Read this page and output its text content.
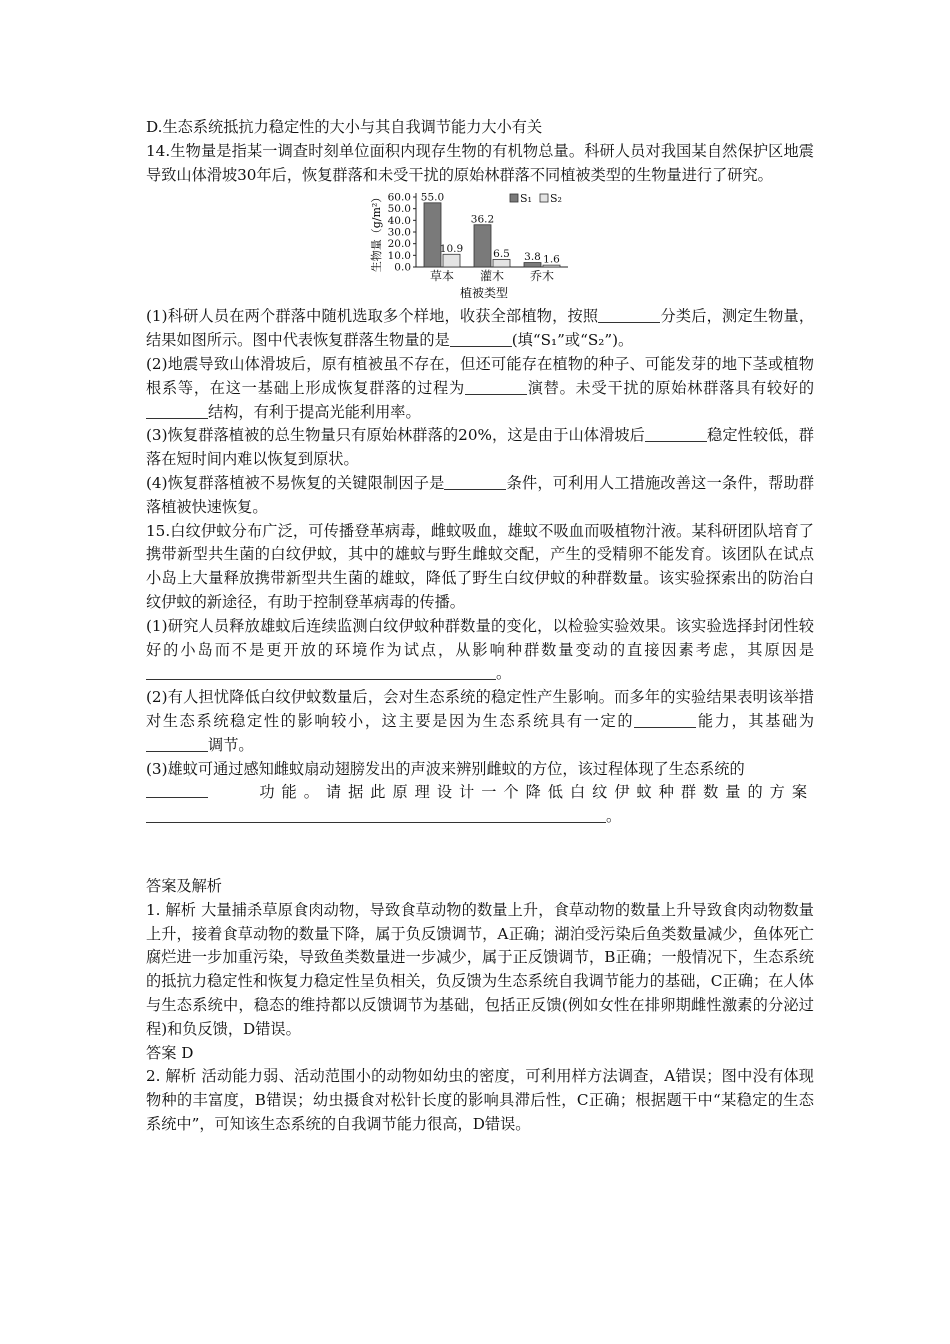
D.生态系统抵抗力稳定性的大小与其自我调节能力大小有关

14.生物量是指某一调查时刻单位面积内现存生物的有机物总量。科研人员对我国某自然保护区地震导致山体滑坡30年后，恢复群落和未受干扰的原始林群落不同植被类型的生物量进行了研究。

生物量（g/m²）
植被类型
0.0
10.0
20.0
30.0
40.0
50.0
60.0 55.0
10.9
草本
36.2
6.5
灌木
3.8 1.6
乔木
S₁ S₂

(1)科研人员在两个群落中随机选取多个样地，收获全部植物，按照	分类后，测定生物量，结果如图所示。图中代表恢复群落生物量的是	(填“S₁”或“S₂”)。

(2)地震导致山体滑坡后，原有植被虽不存在，但还可能存在植物的种子、可能发芽的地下茎或植物根系等，在这一基础上形成恢复群落的过程为	演替。未受干扰的原始林群落具有较好的结构，有利于提高光能利用率。

(3)恢复群落植被的总生物量只有原始林群落的20%，这是由于山体滑坡后	稳定性较低，群落在短时间内难以恢复到原状。

(4)恢复群落植被不易恢复的关键限制因子是	条件，可利用人工措施改善这一条件，帮助群落植被快速恢复。

15.白纹伊蚊分布广泛，可传播登革病毒，雌蚊吸血，雄蚊不吸血而吸植物汁液。某科研团队培育了携带新型共生菌的白纹伊蚊，其中的雄蚊与野生雌蚊交配，产生的受精卵不能发育。该团队在试点小岛上大量释放携带新型共生菌的雄蚊，降低了野生白纹伊蚊的种群数量。该实验探索出的防治白纹伊蚊的新途径，有助于控制登革病毒的传播。

(1)研究人员释放雄蚊后连续监测白纹伊蚊种群数量的变化，以检验实验效果。该实验选择封闭性较好的小岛而不是更开放的环境作为试点，从影响种群数量变动的直接因素考虑，其原因是。

(2)有人担忧降低白纹伊蚊数量后，会对生态系统的稳定性产生影响。而多年的实验结果表明该举措对生态系统稳定性的影响较小，这主要是因为生态系统具有一定的	能力，其基础为调节。

(3)雄蚊可通过感知雌蚊扇动翅膀发出的声波来辨别雌蚊的方位，该过程体现了生态系统的

功能。请据此原理设计一个降低白纹伊蚊种群数量的方案

。

答案及解析

1. 解析 大量捕杀草原食肉动物，导致食草动物的数量上升，食草动物的数量上升导致食肉动物数量上升，接着食草动物的数量下降，属于负反馈调节，A正确；湖泊受污染后鱼类数量减少，鱼体死亡腐烂进一步加重污染，导致鱼类数量进一步减少，属于正反馈调节，B正确；一般情况下，生态系统的抵抗力稳定性和恢复力稳定性呈负相关，负反馈为生态系统自我调节能力的基础，C正确；在人体与生态系统中，稳态的维持都以反馈调节为基础，包括正反馈(例如女性在排卵期雌性激素的分泌过程)和负反馈，D错误。

答案 D

2. 解析 活动能力弱、活动范围小的动物如幼虫的密度，可利用样方法调查，A错误；图中没有体现物种的丰富度，B错误；幼虫摄食对松针长度的影响具滞后性，C正确；根据题干中“某稳定的生态系统中”，可知该生态系统的自我调节能力很高，D错误。
